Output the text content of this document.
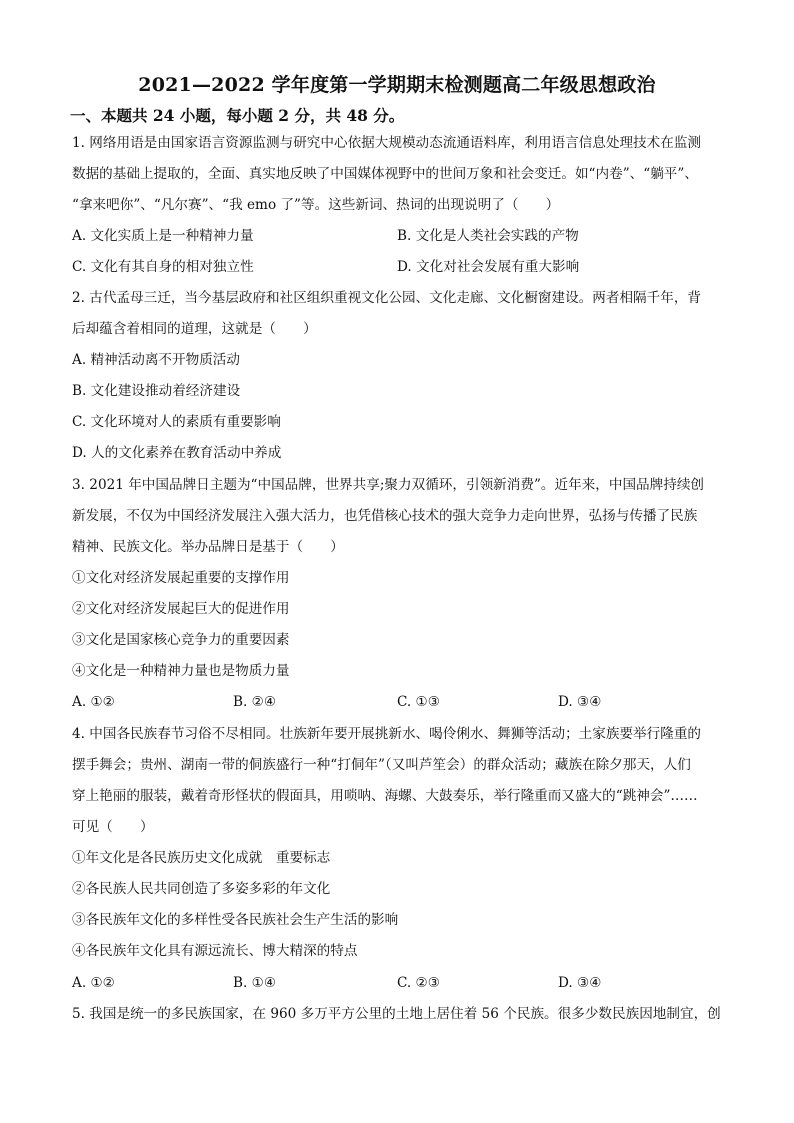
2021—2022 学年度第一学期期末检测题高二年级思想政治
一、本题共 24 小题，每小题 2 分，共 48 分。
1. 网络用语是由国家语言资源监测与研究中心依据大规模动态流通语料库，利用语言信息处理技术在监测
数据的基础上提取的，全面、真实地反映了中国媒体视野中的世间万象和社会变迁。如“内卷”、“躺平”、
“拿来吧你”、“凡尔赛”、“我 emo 了”等。这些新词、热词的出现说明了（　　）
A. 文化实质上是一种精神力量	B. 文化是人类社会实践的产物
C. 文化有其自身的相对独立性	D. 文化对社会发展有重大影响
2. 古代孟母三迁，当今基层政府和社区组织重视文化公园、文化走廊、文化橱窗建设。两者相隔千年，背
后却蕴含着相同的道理，这就是（　　）
A. 精神活动离不开物质活动
B. 文化建设推动着经济建设
C. 文化环境对人的素质有重要影响
D. 人的文化素养在教育活动中养成
3. 2021 年中国品牌日主题为“中国品牌，世界共享;聚力双循环，引领新消费”。近年来，中国品牌持续创
新发展，不仅为中国经济发展注入强大活力，也凭借核心技术的强大竞争力走向世界，弘扬与传播了民族
精神、民族文化。举办品牌日是基于（　　）
①文化对经济发展起重要的支撑作用
②文化对经济发展起巨大的促进作用
③文化是国家核心竞争力的重要因素
④文化是一种精神力量也是物质力量
A. ①②	B. ②④	C. ①③	D. ③④
4. 中国各民族春节习俗不尽相同。壮族新年要开展挑新水、喝伶俐水、舞狮等活动；土家族要举行隆重的
摆手舞会；贵州、湖南一带的侗族盛行一种“打侗年”（又叫芦笙会）的群众活动；藏族在除夕那天，人们
穿上艳丽的服装，戴着奇形怪状的假面具，用唢呐、海螺、大鼓奏乐，举行隆重而又盛大的“跳神会”……
可见（　　）
①年文化是各民族历史文化成就　重要标志
②各民族人民共同创造了多姿多彩的年文化
③各民族年文化的多样性受各民族社会生产生活的影响
④各民族年文化具有源远流长、博大精深的特点
A. ①②	B. ①④	C. ②③	D. ③④
5. 我国是统一的多民族国家，在 960 多万平方公里的土地上居住着 56 个民族。很多少数民族因地制宜，创
